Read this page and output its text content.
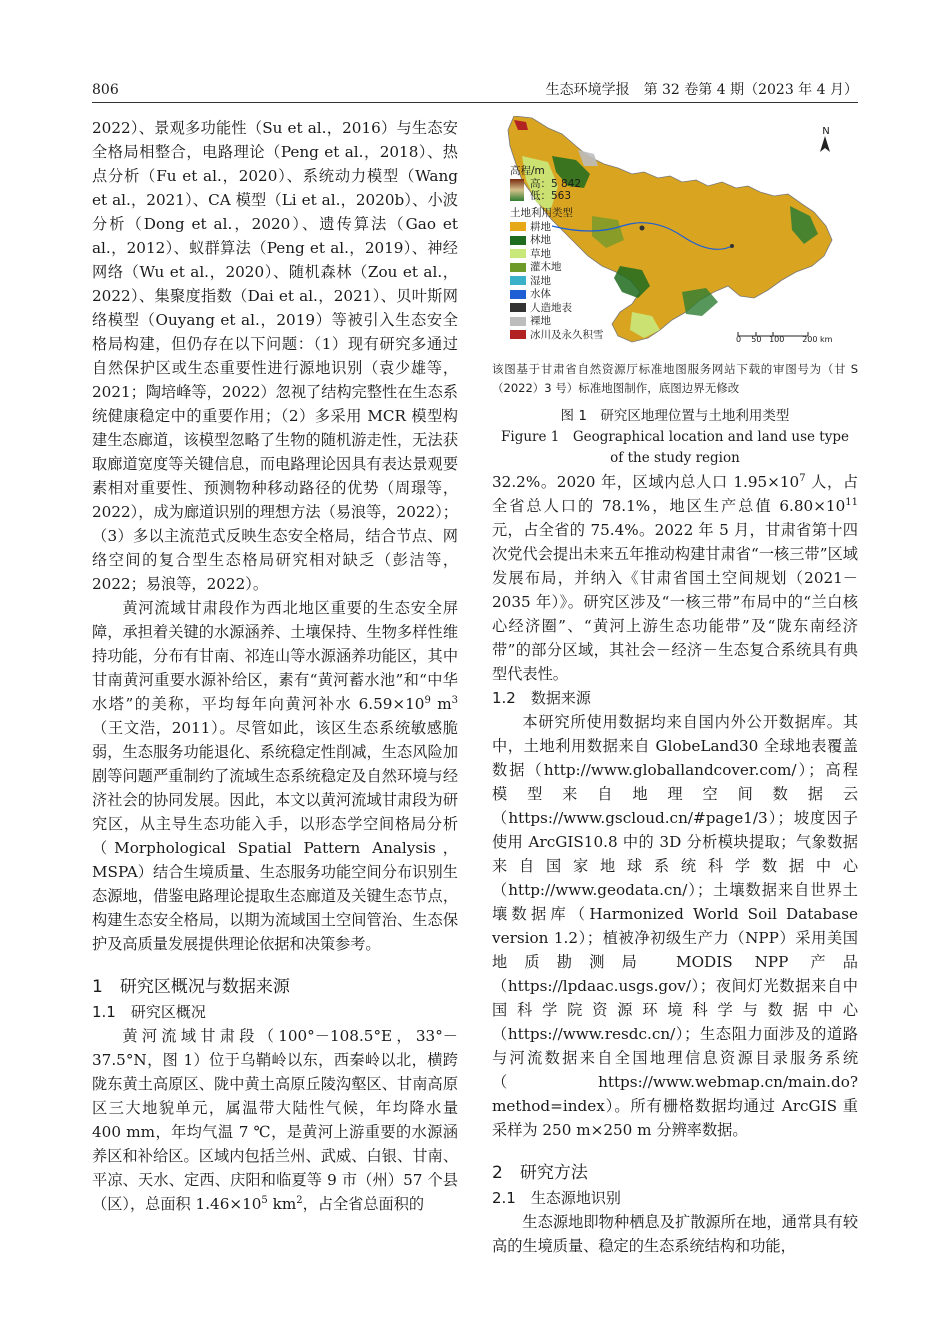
806	生态环境学报　第 32 卷第 4 期（2023 年 4 月）

2022）、景观多功能性（Su et al.，2016）与生态安全格局相整合，电路理论（Peng et al.，2018）、热点分析（Fu et al.，2020）、系统动力模型（Wang et al.，2021）、CA 模型（Li et al.，2020b）、小波分析（Dong et al.，2020）、遗传算法（Gao et al.，2012）、蚁群算法（Peng et al.，2019）、神经网络（Wu et al.，2020）、随机森林（Zou et al.，2022）、集聚度指数（Dai et al.，2021）、贝叶斯网络模型（Ouyang et al.，2019）等被引入生态安全格局构建，但仍存在以下问题：（1）现有研究多通过自然保护区或生态重要性进行源地识别（袁少雄等，2021；陶培峰等，2022）忽视了结构完整性在生态系统健康稳定中的重要作用；（2）多采用 MCR 模型构建生态廊道，该模型忽略了生物的随机游走性，无法获取廊道宽度等关键信息，而电路理论因具有表达景观要素相对重要性、预测物种移动路径的优势（周璟等，2022），成为廊道识别的理想方法（易浪等，2022）；（3）多以主流范式反映生态安全格局，结合节点、网络空间的复合型生态格局研究相对缺乏（彭洁等，2022；易浪等，2022）。

黄河流域甘肃段作为西北地区重要的生态安全屏障，承担着关键的水源涵养、土壤保持、生物多样性维持功能，分布有甘南、祁连山等水源涵养功能区，其中甘南黄河重要水源补给区，素有“黄河蓄水池”和“中华水塔”的美称，平均每年向黄河补水 $6.59\times 10^9$ $m^3$（王文浩，2011）。尽管如此，该区生态系统敏感脆弱，生态服务功能退化、系统稳定性削减，生态风险加剧等问题严重制约了流域生态系统稳定及自然环境与经济社会的协同发展。因此，本文以黄河流域甘肃段为研究区，从主导生态功能入手，以形态学空间格局分析（Morphological Spatial Pattern Analysis，MSPA）结合生境质量、生态服务功能空间分布识别生态源地，借鉴电路理论提取生态廊道及关键生态节点，构建生态安全格局，以期为流域国土空间管治、生态保护及高质量发展提供理论依据和决策参考。

1　研究区概况与数据来源
1.1　研究区概况

黄河流域甘肃段（100°－108.5°E，33°－37.5°N，图 1）位于乌鞘岭以东，西秦岭以北，横跨陇东黄土高原区、陇中黄土高原丘陵沟壑区、甘南高原区三大地貌单元，属温带大陆性气候，年均降水量 400 mm，年均气温 7 ℃，是黄河上游重要的水源涵养区和补给区。区域内包括兰州、武威、白银、甘南、平凉、天水、定西、庆阳和临夏等 9 市（州）57 个县（区），总面积 $1.46\times 10^5$ $km^2$，占全省总面积的

N
高程/m
高：5 842
低：563
土地利用类型
耕地
林地
草地
灌木地
湿地
水体
人造地表
裸地
冰川及永久积雪	0 50 100 200 km
该图基于甘肃省自然资源厅标准地图服务网站下载的审图号为（甘 S（2022）3 号）标准地图制作，底图边界无修改
图 1　研究区地理位置与土地利用类型
Figure 1　Geographical location and land use type
of the study region

32.2%。2020 年，区域内总人口 $1.95\times 10^7$ 人，占全省总人口的 78.1%，地区生产总值 $6.80\times 10^{11}$ 元，占全省的 75.4%。2022 年 5 月，甘肃省第十四次党代会提出未来五年推动构建甘肃省“一核三带”区域发展布局，并纳入《甘肃省国土空间规划（2021－2035 年）》。研究区涉及“一核三带”布局中的“兰白核心经济圈”、“黄河上游生态功能带”及“陇东南经济带”的部分区域，其社会－经济－生态复合系统具有典型代表性。

1.2　数据来源

本研究所使用数据均来自国内外公开数据库。其中，土地利用数据来自 GlobeLand30 全球地表覆盖数据（http://www.globallandcover.com/）；高程模型来自地理空间数据云（https://www.gscloud.cn/#page1/3）；坡度因子使用 ArcGIS10.8 中的 3D 分析模块提取；气象数据来自国家地球系统科学数据中心（http://www.geodata.cn/）；土壤数据来自世界土壤数据库（Harmonized World Soil Database version 1.2）；植被净初级生产力（NPP）采用美国地质勘测局 MODIS NPP 产品（https://lpdaac.usgs.gov/）；夜间灯光数据来自中国科学院资源环境科学与数据中心（https://www.resdc.cn/）；生态阻力面涉及的道路与河流数据来自全国地理信息资源目录服务系统（https://www.webmap.cn/main.do?method=index）。所有栅格数据均通过 ArcGIS 重采样为 250 m×250 m 分辨率数据。

2　研究方法
2.1　生态源地识别

生态源地即物种栖息及扩散源所在地，通常具有较高的生境质量、稳定的生态系统结构和功能，
